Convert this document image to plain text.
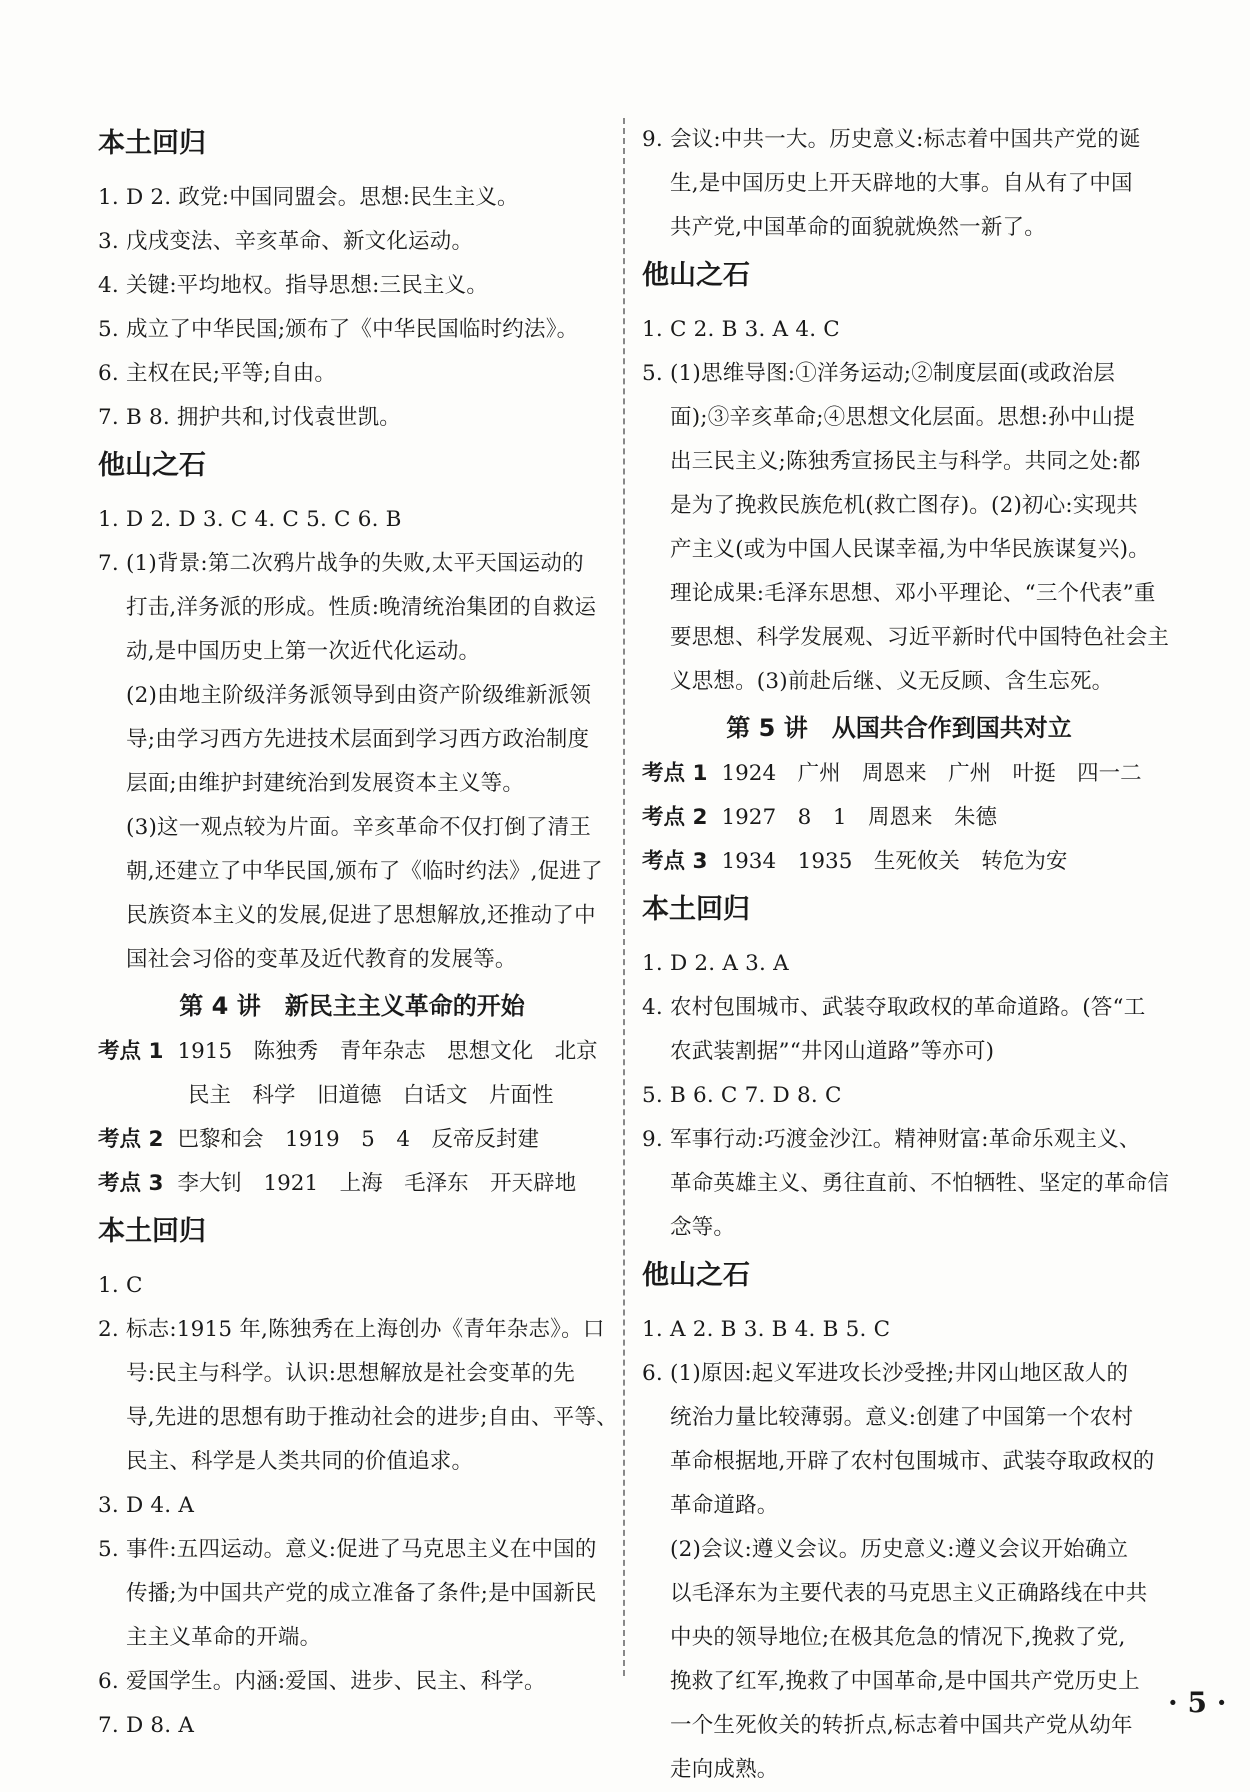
本土回归
1. D 2. 政党:中国同盟会。思想:民生主义。
3. 戊戌变法、辛亥革命、新文化运动。
4. 关键:平均地权。指导思想:三民主义。
5. 成立了中华民国;颁布了《中华民国临时约法》。
6. 主权在民;平等;自由。
7. B 8. 拥护共和,讨伐袁世凯。
他山之石
1. D 2. D 3. C 4. C 5. C 6. B
7. (1)背景:第二次鸦片战争的失败,太平天国运动的
打击,洋务派的形成。性质:晚清统治集团的自救运
动,是中国历史上第一次近代化运动。
(2)由地主阶级洋务派领导到由资产阶级维新派领
导;由学习西方先进技术层面到学习西方政治制度
层面;由维护封建统治到发展资本主义等。
(3)这一观点较为片面。辛亥革命不仅打倒了清王
朝,还建立了中华民国,颁布了《临时约法》,促进了
民族资本主义的发展,促进了思想解放,还推动了中
国社会习俗的变革及近代教育的发展等。
第 4 讲　新民主主义革命的开始
考点 1 1915　陈独秀　青年杂志　思想文化　北京
民主　科学　旧道德　白话文　片面性
考点 2 巴黎和会　1919　5　4　反帝反封建
考点 3 李大钊　1921　上海　毛泽东　开天辟地
本土回归
1. C
2. 标志:1915 年,陈独秀在上海创办《青年杂志》。口
号:民主与科学。认识:思想解放是社会变革的先
导,先进的思想有助于推动社会的进步;自由、平等、
民主、科学是人类共同的价值追求。
3. D 4. A
5. 事件:五四运动。意义:促进了马克思主义在中国的
传播;为中国共产党的成立准备了条件;是中国新民
主主义革命的开端。
6. 爱国学生。内涵:爱国、进步、民主、科学。
7. D 8. A
9. 会议:中共一大。历史意义:标志着中国共产党的诞
生,是中国历史上开天辟地的大事。自从有了中国
共产党,中国革命的面貌就焕然一新了。
他山之石
1. C 2. B 3. A 4. C
5. (1)思维导图:①洋务运动;②制度层面(或政治层
面);③辛亥革命;④思想文化层面。思想:孙中山提
出三民主义;陈独秀宣扬民主与科学。共同之处:都
是为了挽救民族危机(救亡图存)。(2)初心:实现共
产主义(或为中国人民谋幸福,为中华民族谋复兴)。
理论成果:毛泽东思想、邓小平理论、“三个代表”重
要思想、科学发展观、习近平新时代中国特色社会主
义思想。(3)前赴后继、义无反顾、含生忘死。
第 5 讲　从国共合作到国共对立
考点 1 1924　广州　周恩来　广州　叶挺　四一二
考点 2 1927　8　1　周恩来　朱德
考点 3 1934　1935　生死攸关　转危为安
本土回归
1. D 2. A 3. A
4. 农村包围城市、武装夺取政权的革命道路。(答“工
农武装割据”“井冈山道路”等亦可)
5. B 6. C 7. D 8. C
9. 军事行动:巧渡金沙江。精神财富:革命乐观主义、
革命英雄主义、勇往直前、不怕牺牲、坚定的革命信
念等。
他山之石
1. A 2. B 3. B 4. B 5. C
6. (1)原因:起义军进攻长沙受挫;井冈山地区敌人的
统治力量比较薄弱。意义:创建了中国第一个农村
革命根据地,开辟了农村包围城市、武装夺取政权的
革命道路。
(2)会议:遵义会议。历史意义:遵义会议开始确立
以毛泽东为主要代表的马克思主义正确路线在中共
中央的领导地位;在极其危急的情况下,挽救了党,
挽救了红军,挽救了中国革命,是中国共产党历史上
一个生死攸关的转折点,标志着中国共产党从幼年
走向成熟。
· 5 ·
